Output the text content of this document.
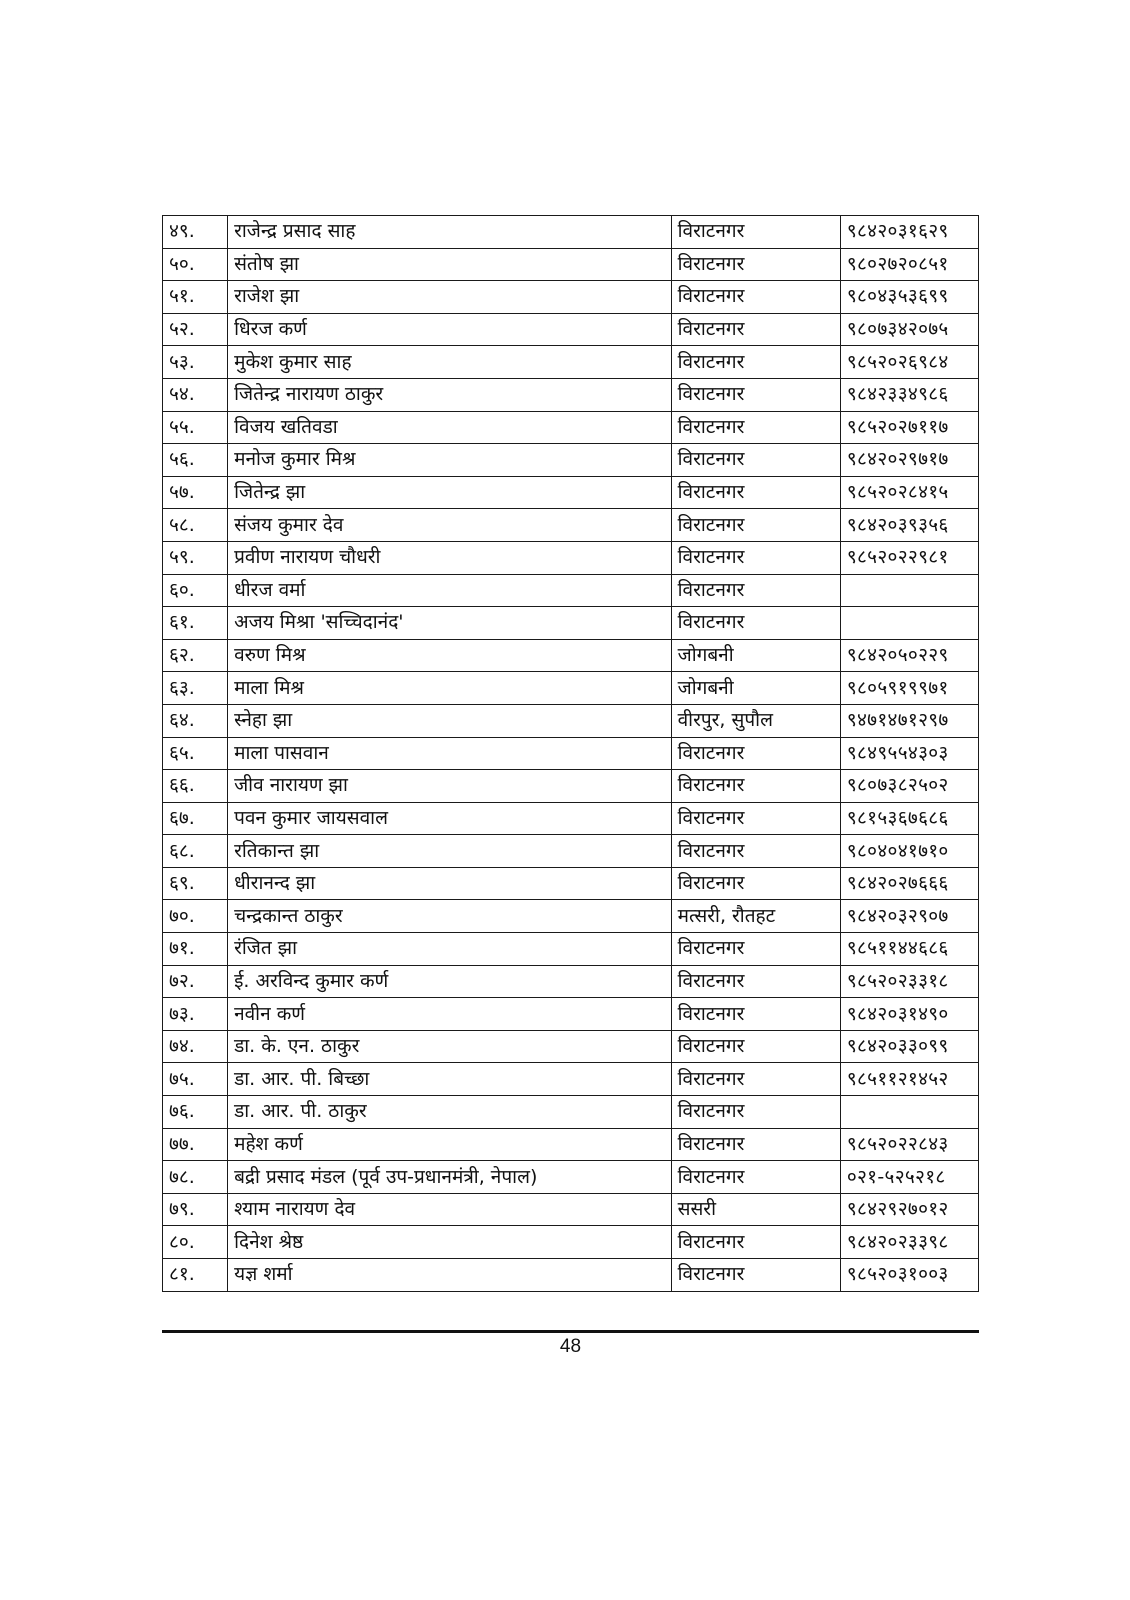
४९.	राजेन्द्र प्रसाद साह	विराटनगर	९८४२०३१६२९
५०.	संतोष झा	विराटनगर	९८०२७२०८५१
५१.	राजेश झा	विराटनगर	९८०४३५३६९९
५२.	धिरज कर्ण	विराटनगर	९८०७३४२०७५
५३.	मुकेश कुमार साह	विराटनगर	९८५२०२६९८४
५४.	जितेन्द्र नारायण ठाकुर	विराटनगर	९८४२३३४९८६
५५.	विजय खतिवडा	विराटनगर	९८५२०२७११७
५६.	मनोज कुमार मिश्र	विराटनगर	९८४२०२९७१७
५७.	जितेन्द्र झा	विराटनगर	९८५२०२८४१५
५८.	संजय कुमार देव	विराटनगर	९८४२०३९३५६
५९.	प्रवीण नारायण चौधरी	विराटनगर	९८५२०२२९८१
६०.	धीरज वर्मा	विराटनगर	
६१.	अजय मिश्रा 'सच्चिदानंद'	विराटनगर	
६२.	वरुण मिश्र	जोगबनी	९८४२०५०२२९
६३.	माला मिश्र	जोगबनी	९८०५९१९९७१
६४.	स्नेहा झा	वीरपुर, सुपौल	९४७१४७१२९७
६५.	माला पासवान	विराटनगर	९८४९५५४३०३
६६.	जीव नारायण झा	विराटनगर	९८०७३८२५०२
६७.	पवन कुमार जायसवाल	विराटनगर	९८१५३६७६८६
६८.	रतिकान्त झा	विराटनगर	९८०४०४१७१०
६९.	धीरानन्द झा	विराटनगर	९८४२०२७६६६
७०.	चन्द्रकान्त ठाकुर	मत्सरी, रौतहट	९८४२०३२९०७
७१.	रंजित झा	विराटनगर	९८५११४४६८६
७२.	ई. अरविन्द कुमार कर्ण	विराटनगर	९८५२०२३३१८
७३.	नवीन कर्ण	विराटनगर	९८४२०३१४९०
७४.	डा. के. एन. ठाकुर	विराटनगर	९८४२०३३०९९
७५.	डा. आर. पी. बिच्छा	विराटनगर	९८५११२१४५२
७६.	डा. आर. पी. ठाकुर	विराटनगर	
७७.	महेश कर्ण	विराटनगर	९८५२०२२८४३
७८.	बद्री प्रसाद मंडल (पूर्व उप-प्रधानमंत्री, नेपाल)	विराटनगर	०२१-५२५२१८
७९.	श्याम नारायण देव	ससरी	९८४२९२७०१२
८०.	दिनेश श्रेष्ठ	विराटनगर	९८४२०२३३९८
८१.	यज्ञ शर्मा	विराटनगर	९८५२०३१००३
48
